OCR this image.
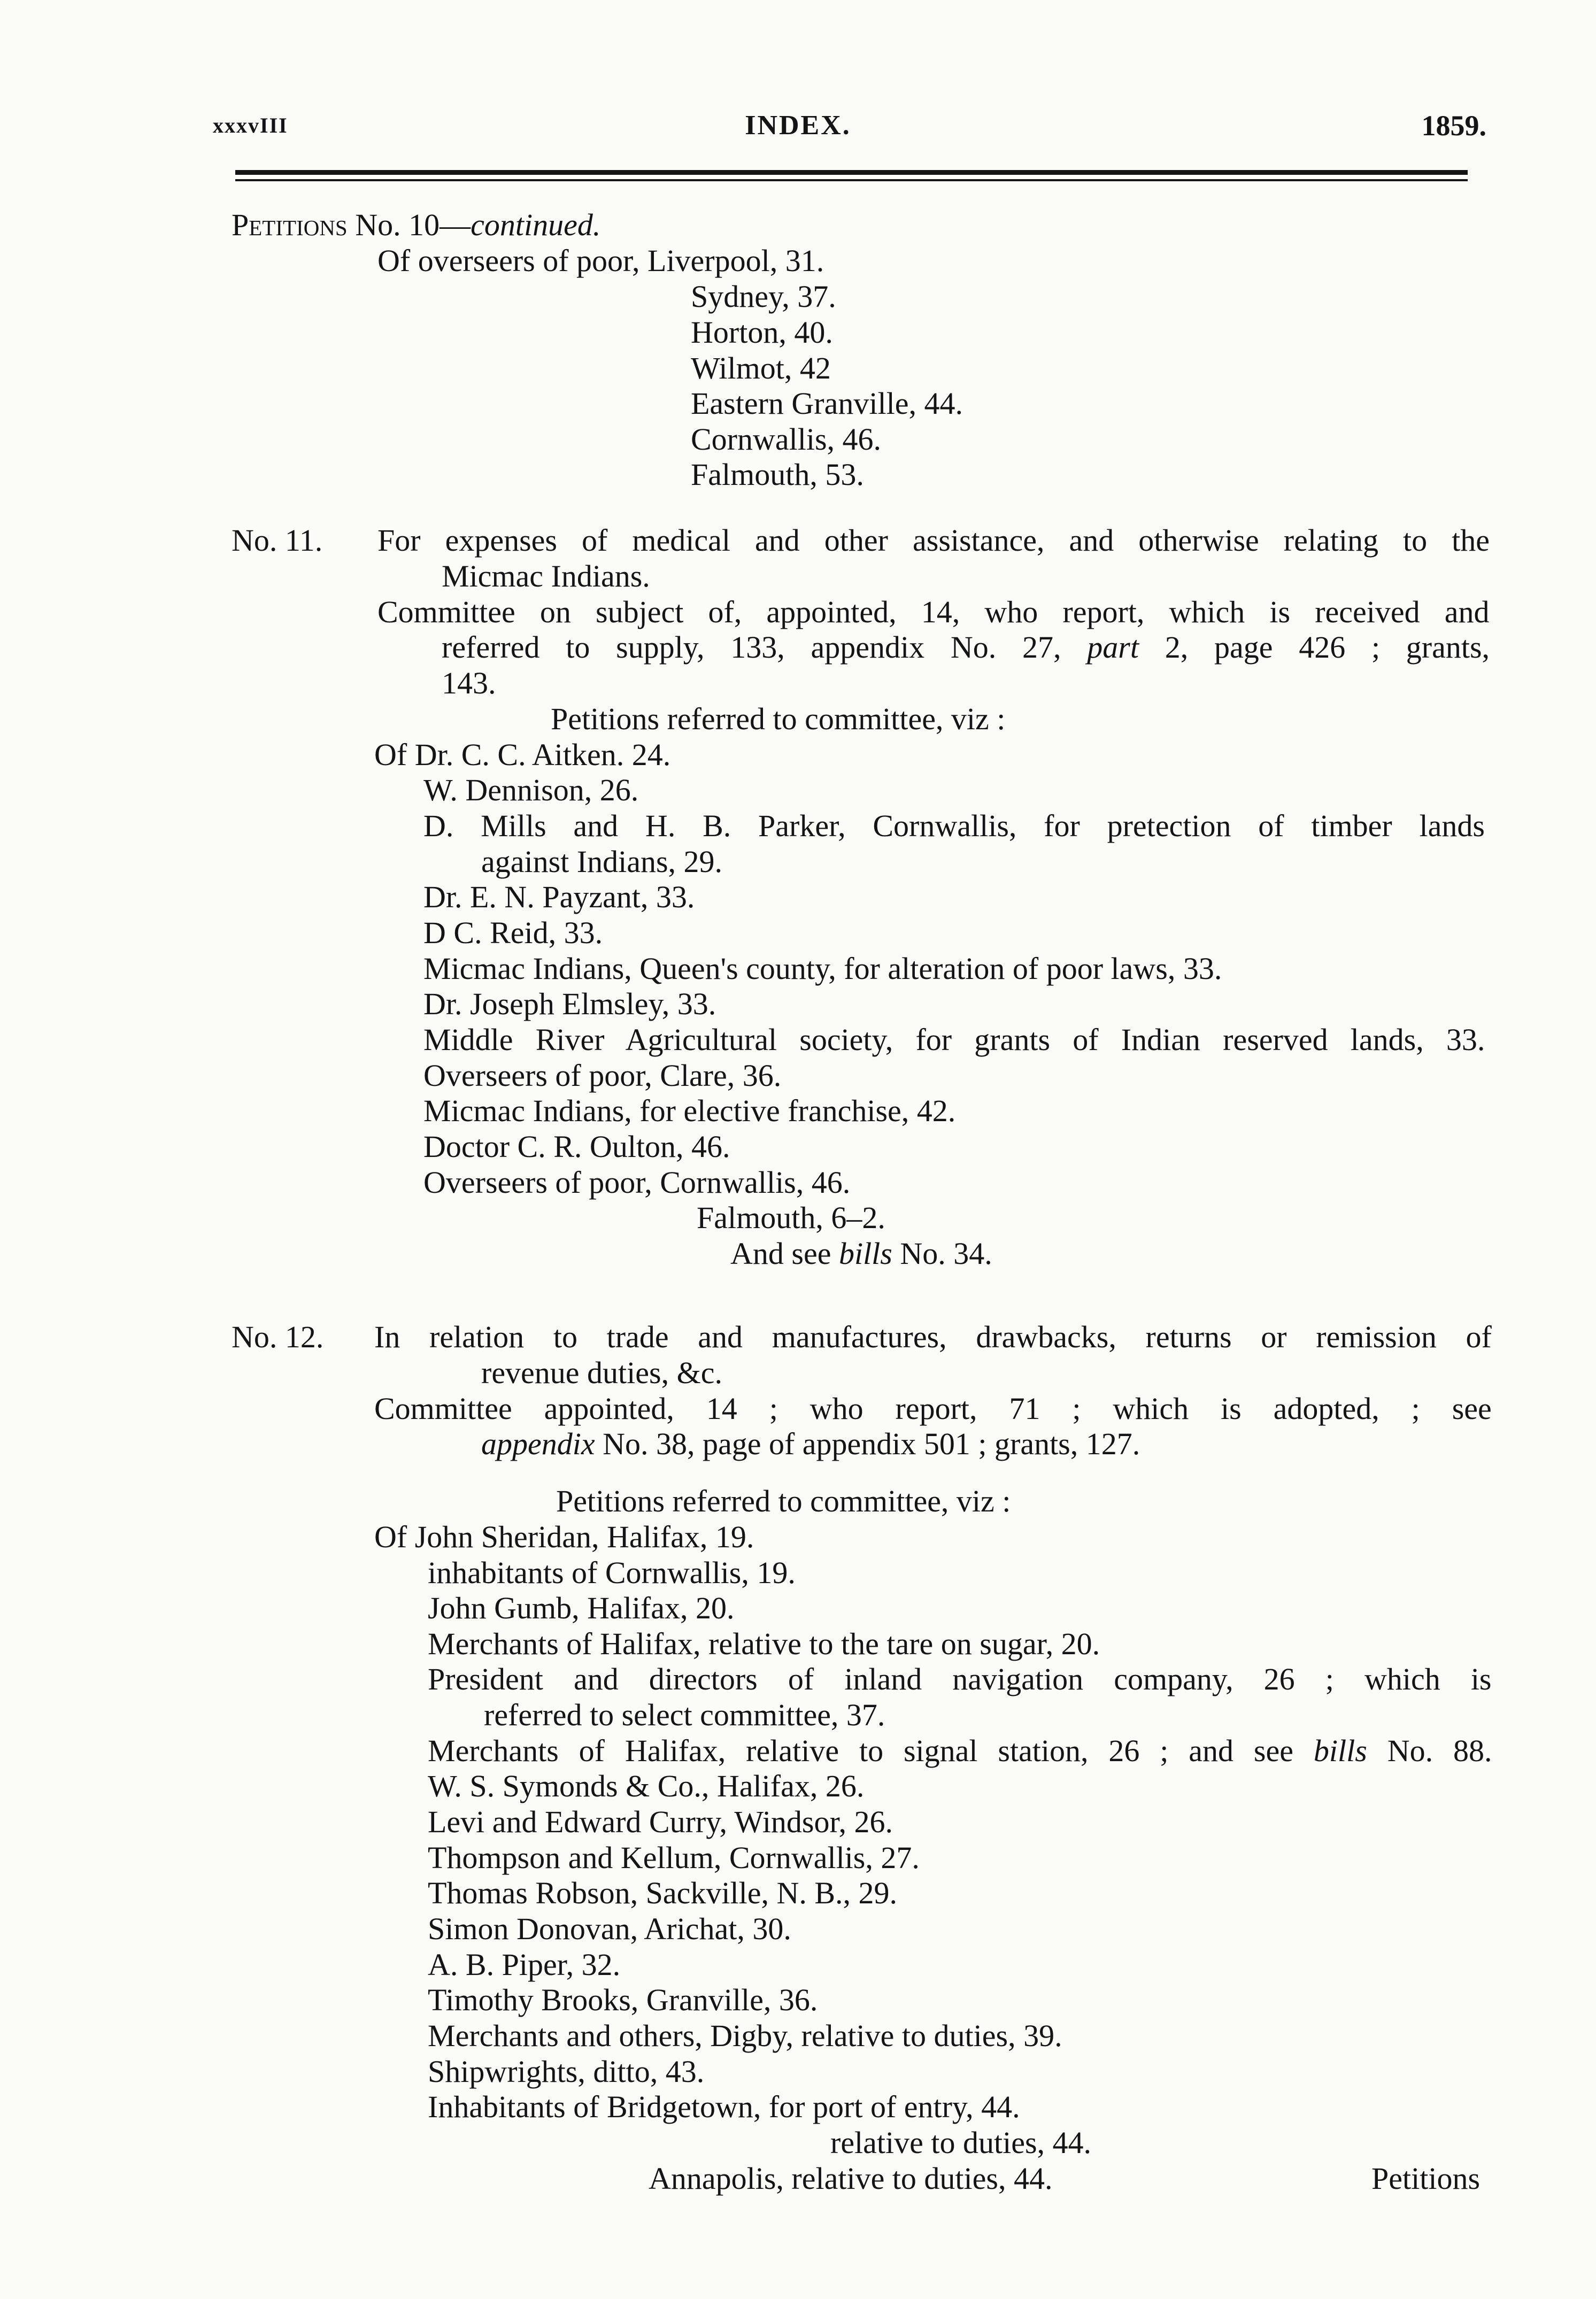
xxxvIII	INDEX.	1859.
Petitions No. 10—continued.
Of overseers of poor, Liverpool, 31.
Sydney, 37.
Horton, 40.
Wilmot, 42
Eastern Granville, 44.
Cornwallis, 46.
Falmouth, 53.
No. 11. For expenses of medical and other assistance, and otherwise relating to the
Micmac Indians.
Committee on subject of, appointed, 14, who report, which is received and
referred to supply, 133, appendix No. 27, part 2, page 426 ; grants,
143.
Petitions referred to committee, viz :
Of Dr. C. C. Aitken. 24.
W. Dennison, 26.
D. Mills and H. B. Parker, Cornwallis, for pretection of timber lands
against Indians, 29.
Dr. E. N. Payzant, 33.
D C. Reid, 33.
Micmac Indians, Queen's county, for alteration of poor laws, 33.
Dr. Joseph Elmsley, 33.
Middle River Agricultural society, for grants of Indian reserved lands, 33.
Overseers of poor, Clare, 36.
Micmac Indians, for elective franchise, 42.
Doctor C. R. Oulton, 46.
Overseers of poor, Cornwallis, 46.
Falmouth, 6–2.
And see bills No. 34.
No. 12. In relation to trade and manufactures, drawbacks, returns or remission of
revenue duties, &c.
Committee appointed, 14 ; who report, 71 ; which is adopted, ; see
appendix No. 38, page of appendix 501 ; grants, 127.
Petitions referred to committee, viz :
Of John Sheridan, Halifax, 19.
inhabitants of Cornwallis, 19.
John Gumb, Halifax, 20.
Merchants of Halifax, relative to the tare on sugar, 20.
President and directors of inland navigation company, 26 ; which is
referred to select committee, 37.
Merchants of Halifax, relative to signal station, 26 ; and see bills No. 88.
W. S. Symonds & Co., Halifax, 26.
Levi and Edward Curry, Windsor, 26.
Thompson and Kellum, Cornwallis, 27.
Thomas Robson, Sackville, N. B., 29.
Simon Donovan, Arichat, 30.
A. B. Piper, 32.
Timothy Brooks, Granville, 36.
Merchants and others, Digby, relative to duties, 39.
Shipwrights, ditto, 43.
Inhabitants of Bridgetown, for port of entry, 44.
relative to duties, 44.
Annapolis, relative to duties, 44.	Petitions
